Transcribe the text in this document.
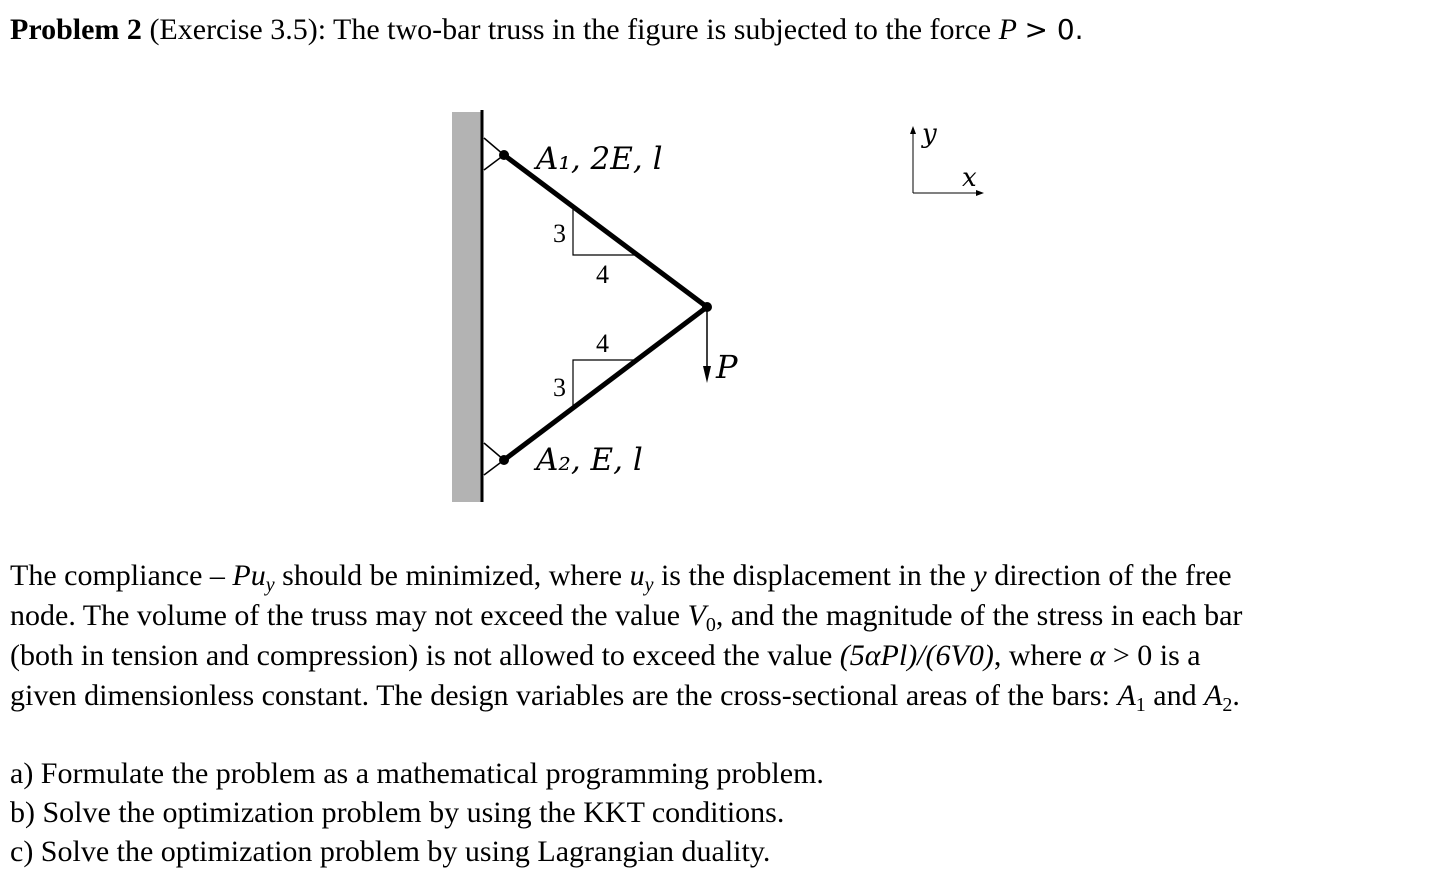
Problem 2 (Exercise 3.5): The two-bar truss in the figure is subjected to the force P > 0.
A₁, 2E, l
A₂, E, l
3
4
4
3
P
y
x

The compliance – $Pu_y$ should be minimized, where $u_y$ is the displacement in the y direction of the free
node. The volume of the truss may not exceed the value $V_0$, and the magnitude of the stress in each bar
(both in tension and compression) is not allowed to exceed the value (5αPl)/(6V0), where α > 0 is a
given dimensionless constant. The design variables are the cross-sectional areas of the bars: $A_1$ and $A_2$.

a) Formulate the problem as a mathematical programming problem.
b) Solve the optimization problem by using the KKT conditions.
c) Solve the optimization problem by using Lagrangian duality.
